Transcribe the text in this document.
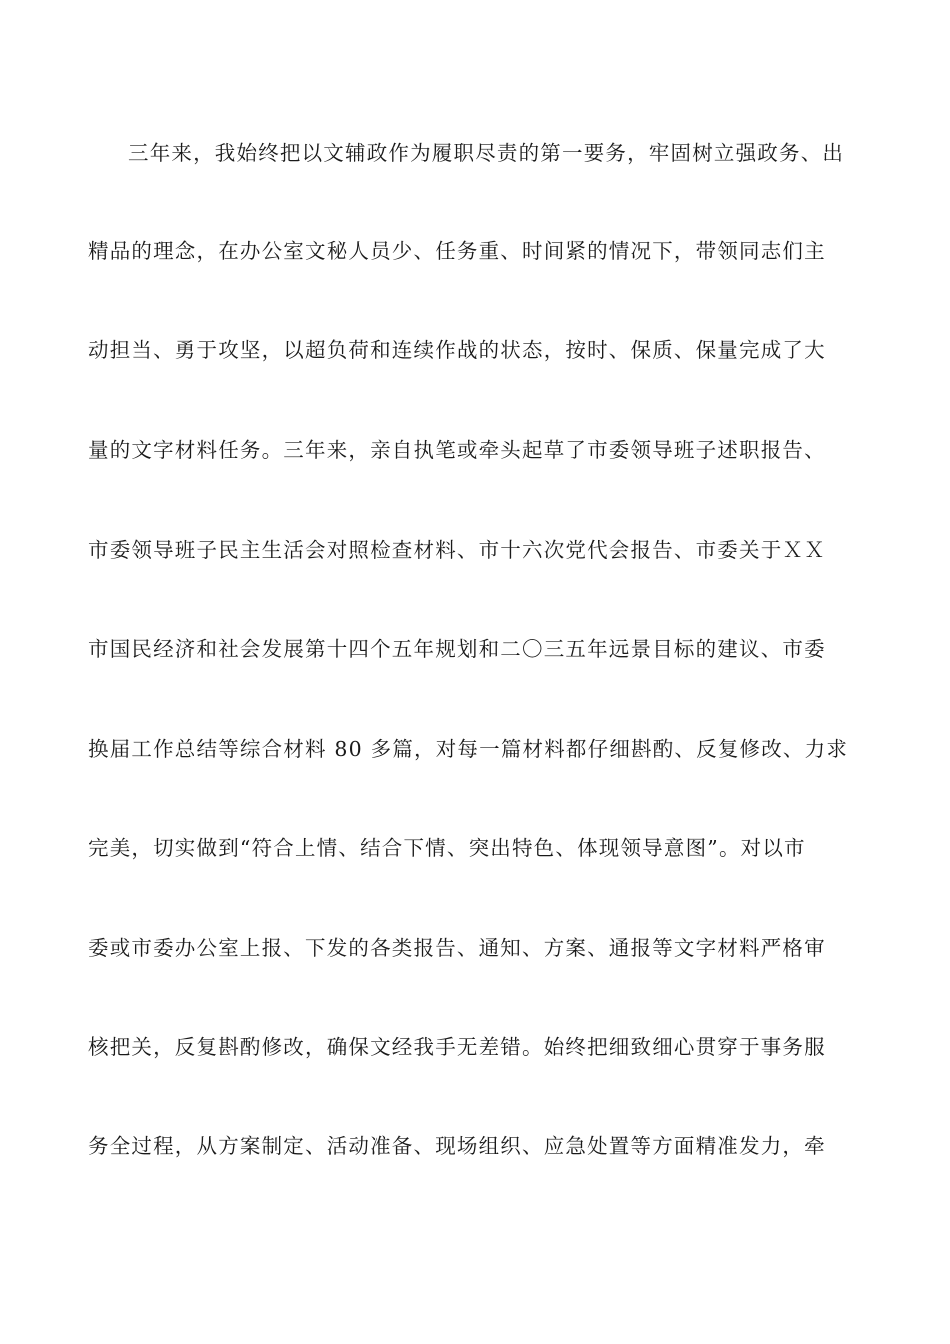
三年来，我始终把以文辅政作为履职尽责的第一要务，牢固树立强政务、出
精品的理念，在办公室文秘人员少、任务重、时间紧的情况下，带领同志们主
动担当、勇于攻坚，以超负荷和连续作战的状态，按时、保质、保量完成了大
量的文字材料任务。三年来，亲自执笔或牵头起草了市委领导班子述职报告、
市委领导班子民主生活会对照检查材料、市十六次党代会报告、市委关于ＸＸ
市国民经济和社会发展第十四个五年规划和二〇三五年远景目标的建议、市委
换届工作总结等综合材料 80 多篇，对每一篇材料都仔细斟酌、反复修改、力求
完美，切实做到“符合上情、结合下情、突出特色、体现领导意图”。对以市
委或市委办公室上报、下发的各类报告、通知、方案、通报等文字材料严格审
核把关，反复斟酌修改，确保文经我手无差错。始终把细致细心贯穿于事务服
务全过程，从方案制定、活动准备、现场组织、应急处置等方面精准发力，牵
